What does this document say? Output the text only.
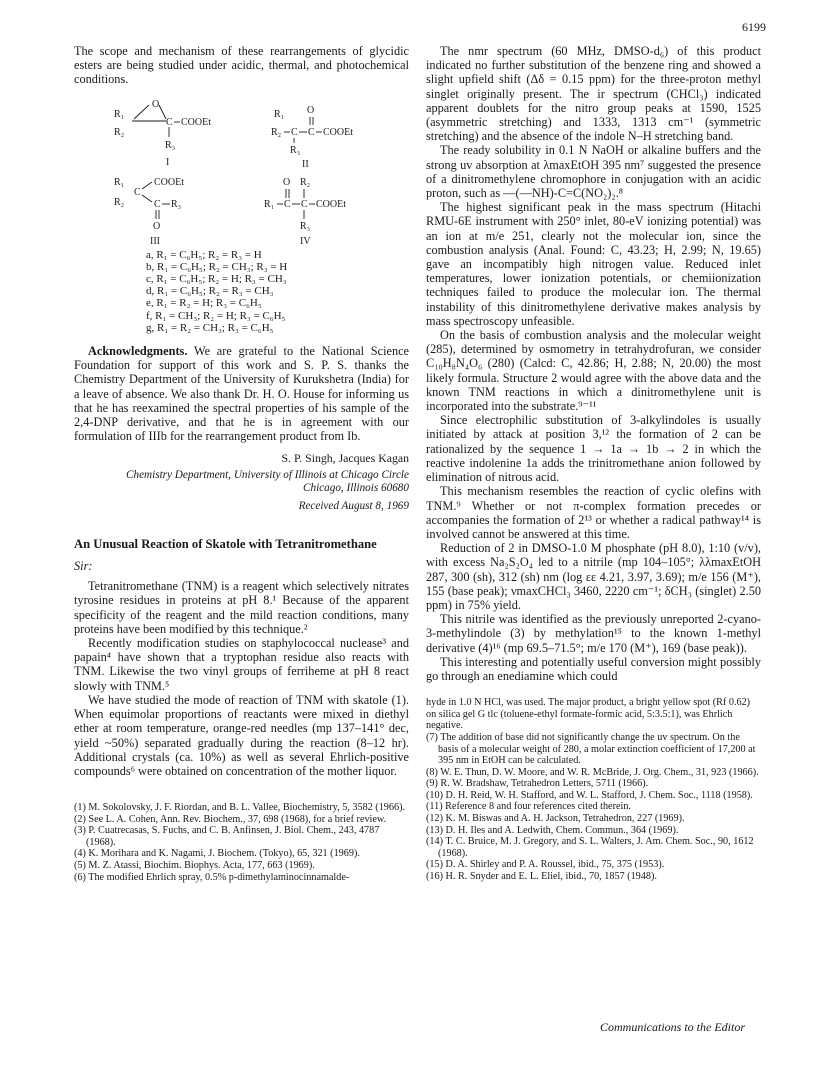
6199

The scope and mechanism of these rearrangements of glycidic esters are being studied under acidic, thermal, and photochemical conditions.

R₁
R₂
O
C COOEt
R₃
I
R₁
R₂ C C COOEt
O
R₃
II
R₁
R₂
C
COOEt
C R₃
O
III
R₁ C C COOEt
O R₂
R₃
IV
a, R₁ = C₆H₅; R₂ = R₃ = H
b, R₁ = C₆H₅; R₂ = CH₃; R₃ = H
c, R₁ = C₆H₅; R₂ = H; R₃ = CH₃
d, R₁ = C₆H₅; R₂ = R₃ = CH₃
e, R₁ = R₂ = H; R₃ = C₆H₅
f, R₁ = CH₃; R₂ = H; R₃ = C₆H₅
g, R₁ = R₂ = CH₃; R₃ = C₆H₅

Acknowledgments. We are grateful to the National Science Foundation for support of this work and S. P. S. thanks the Chemistry Department of the University of Kurukshetra (India) for a leave of absence. We also thank Dr. H. O. House for informing us that he has reexamined the spectral properties of his sample of the 2,4-DNP derivative, and that he is in agreement with our formulation of IIIb for the rearrangement product from Ib.

S. P. Singh, Jacques Kagan
Chemistry Department, University of Illinois at Chicago Circle
Chicago, Illinois 60680
Received August 8, 1969
An Unusual Reaction of Skatole with Tetranitromethane
Sir:

Tetranitromethane (TNM) is a reagent which selectively nitrates tyrosine residues in proteins at pH 8.¹ Because of the apparent specificity of the reagent and the mild reaction conditions, many proteins have been modified by this technique.²

Recently modification studies on staphylococcal nuclease³ and papain⁴ have shown that a tryptophan residue also reacts with TNM. Likewise the two vinyl groups of ferriheme at pH 8 react slowly with TNM.⁵

We have studied the mode of reaction of TNM with skatole (1). When equimolar proportions of reactants were mixed in diethyl ether at room temperature, orange-red needles (mp 137–141° dec, yield ~50%) separated gradually during the reaction (8–12 hr). Additional crystals (ca. 10%) as well as several Ehrlich-positive compounds⁶ were obtained on concentration of the mother liquor.

(1) M. Sokolovsky, J. F. Riordan, and B. L. Vallee, Biochemistry, 5, 3582 (1966).

(2) See L. A. Cohen, Ann. Rev. Biochem., 37, 698 (1968), for a brief review.

(3) P. Cuatrecasas, S. Fuchs, and C. B. Anfinsen, J. Biol. Chem., 243, 4787 (1968).

(4) K. Morihara and K. Nagami, J. Biochem. (Tokyo), 65, 321 (1969).

(5) M. Z. Atassi, Biochim. Biophys. Acta, 177, 663 (1969).

(6) The modified Ehrlich spray, 0.5% p-dimethylaminocinnamalde-

The nmr spectrum (60 MHz, DMSO-d₆) of this product indicated no further substitution of the benzene ring and showed a slight upfield shift (Δδ = 0.15 ppm) for the three-proton methyl singlet originally present. The ir spectrum (CHCl₃) indicated apparent doublets for the nitro group peaks at 1590, 1525 (asymmetric stretching) and 1333, 1313 cm⁻¹ (symmetric stretching) and the absence of the indole N–H stretching band.

The ready solubility in 0.1 N NaOH or alkaline buffers and the strong uv absorption at λmaxEtOH 395 nm⁷ suggested the presence of a dinitromethylene chromophore in conjugation with an acidic proton, such as —(—NH)-C=C(NO₂)₂.⁸

The highest significant peak in the mass spectrum (Hitachi RMU-6E instrument with 250° inlet, 80-eV ionizing potential) was an ion at m/e 251, clearly not the molecular ion, since the combustion analysis (Anal. Found: C, 43.23; H, 2.99; N, 19.65) gave an incompatibly high nitrogen value. Reduced inlet temperatures, lower ionization potentials, or chemiionization techniques failed to produce the molecular ion. The thermal instability of this dinitromethylene derivative makes analysis by mass spectroscopy unfeasible.

On the basis of combustion analysis and the molecular weight (285), determined by osmometry in tetrahydrofuran, we consider C₁₀H₈N₄O₆ (280) (Calcd: C, 42.86; H, 2.88; N, 20.00) the most likely formula. Structure 2 would agree with the above data and the known TNM reactions in which a dinitromethylene unit is incorporated into the substrate.⁹⁻¹¹

Since electrophilic substitution of 3-alkylindoles is usually initiated by attack at position 3,¹² the formation of 2 can be rationalized by the sequence 1 → 1a → 1b → 2 in which the reactive indolenine 1a adds the trinitromethane anion followed by elimination of nitrous acid.

This mechanism resembles the reaction of cyclic olefins with TNM.⁹ Whether or not π-complex formation precedes or accompanies the formation of 2¹³ or whether a radical pathway¹⁴ is involved cannot be answered at this time.

Reduction of 2 in DMSO-1.0 M phosphate (pH 8.0), 1:10 (v/v), with excess Na₂S₂O₄ led to a nitrile (mp 104–105°; λλmaxEtOH 287, 300 (sh), 312 (sh) nm (log εε 4.21, 3.97, 3.69); m/e 156 (M⁺), 155 (base peak); νmaxCHCl₃ 3460, 2220 cm⁻¹; δCH₃ (singlet) 2.50 ppm) in 75% yield.

This nitrile was identified as the previously unreported 2-cyano-3-methylindole (3) by methylation¹⁵ to the known 1-methyl derivative (4)¹⁶ (mp 69.5–71.5°; m/e 170 (M⁺), 169 (base peak)).

This interesting and potentially useful conversion might possibly go through an enediamine which could

hyde in 1.0 N HCl, was used. The major product, a bright yellow spot (Rf 0.62) on silica gel G tlc (toluene-ethyl formate-formic acid, 5:3.5:1), was Ehrlich negative.

(7) The addition of base did not significantly change the uv spectrum. On the basis of a molecular weight of 280, a molar extinction coefficient of 17,200 at 395 nm in EtOH can be calculated.

(8) W. E. Thun, D. W. Moore, and W. R. McBride, J. Org. Chem., 31, 923 (1966).

(9) R. W. Bradshaw, Tetrahedron Letters, 5711 (1966).

(10) D. H. Reid, W. H. Stafford, and W. L. Stafford, J. Chem. Soc., 1118 (1958).

(11) Reference 8 and four references cited therein.

(12) K. M. Biswas and A. H. Jackson, Tetrahedron, 227 (1969).

(13) D. H. Iles and A. Ledwith, Chem. Commun., 364 (1969).

(14) T. C. Bruice, M. J. Gregory, and S. L. Walters, J. Am. Chem. Soc., 90, 1612 (1968).

(15) D. A. Shirley and P. A. Roussel, ibid., 75, 375 (1953).

(16) H. R. Snyder and E. L. Eliel, ibid., 70, 1857 (1948).

Communications to the Editor
